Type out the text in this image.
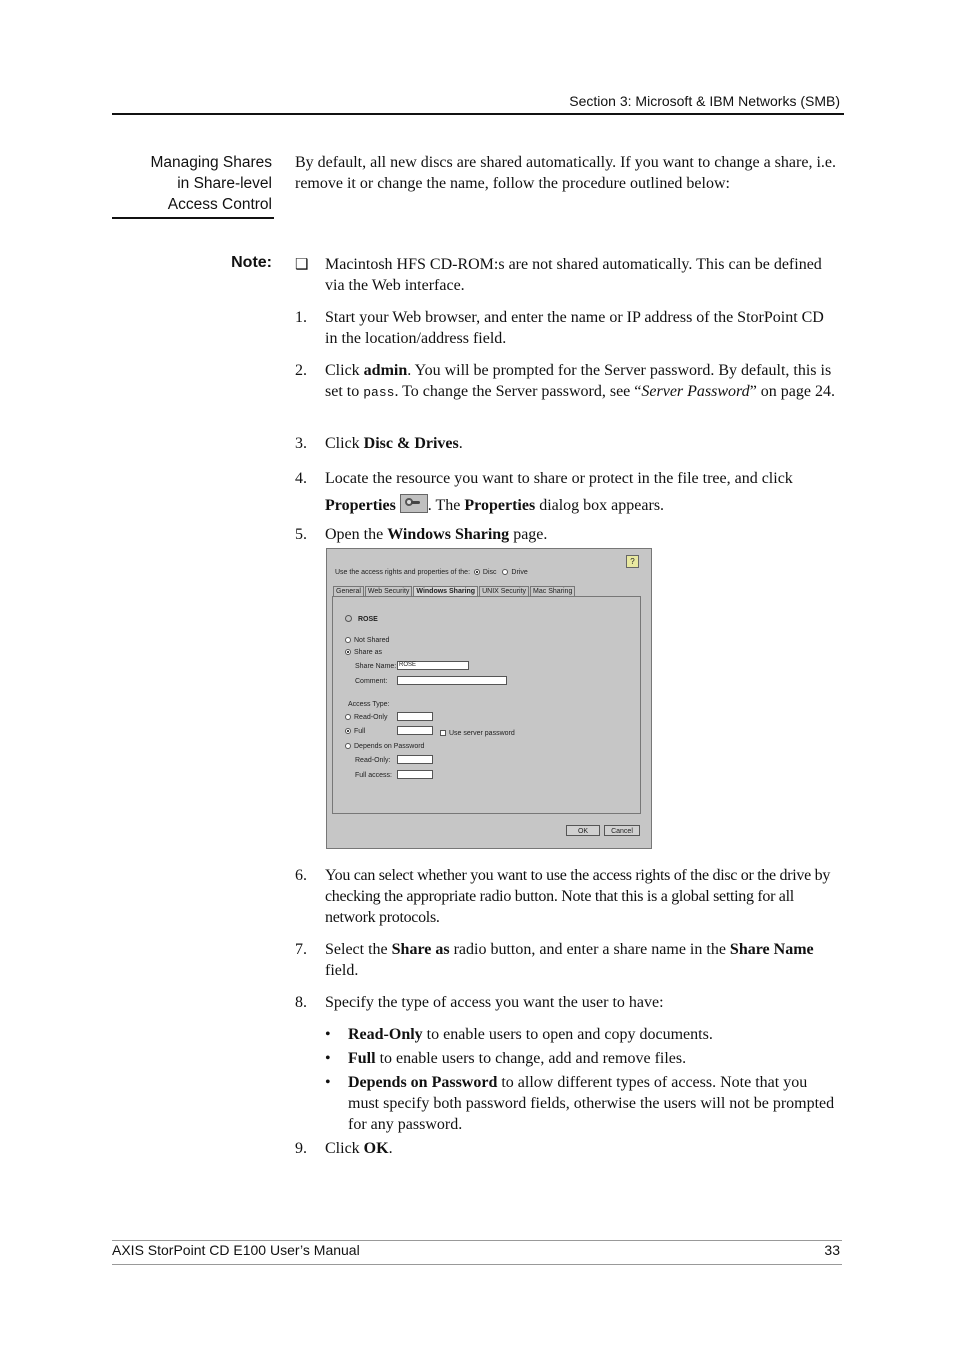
Section 3: Microsoft & IBM Networks (SMB)
Managing Shares
in Share-level
Access Control
By default, all new discs are shared automatically. If you want to change a share, i.e. remove it or change the name, follow the procedure outlined below:
Note: ❑ Macintosh HFS CD-ROM:s are not shared automatically. This can be defined via the Web interface.
1. Start your Web browser, and enter the name or IP address of the StorPoint CD in the location/address field.
2. Click admin. You will be prompted for the Server password. By default, this is set to pass. To change the Server password, see “Server Password” on page 24.
3. Click Disc & Drives.
4. Locate the resource you want to share or protect in the file tree, and click Properties . The Properties dialog box appears.
5. Open the Windows Sharing page.
?
Use the access rights and properties of the: Disc Drive
General	Web Security	Windows Sharing	UNIX Security	Mac Sharing
ROSE
Not Shared
Share as
Share Name: ROSE
Comment:
Access Type:
Read-Only
Full	Use server password
Depends on Password
Read-Only:
Full access:
OK	Cancel
6. You can select whether you want to use the access rights of the disc or the drive by checking the appropriate radio button. Note that this is a global setting for all network protocols.
7. Select the Share as radio button, and enter a share name in the Share Name field.
8. Specify the type of access you want the user to have:
• Read-Only to enable users to open and copy documents.
• Full to enable users to change, add and remove files.
• Depends on Password to allow different types of access. Note that you must specify both password fields, otherwise the users will not be prompted for any password.
9. Click OK.
AXIS StorPoint CD E100 User’s Manual	33
